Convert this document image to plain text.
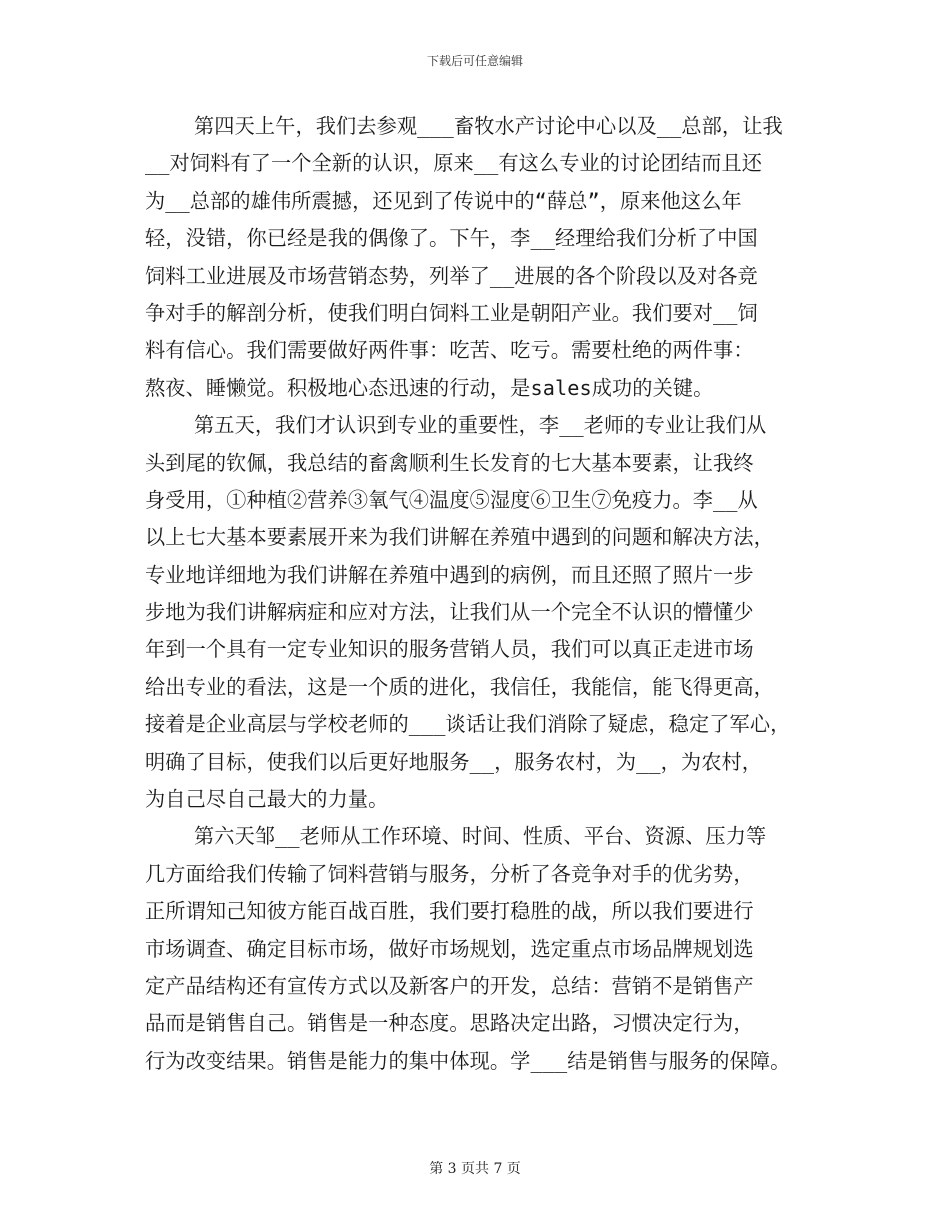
下载后可任意编辑
第四天上午，我们去参观___畜牧水产讨论中心以及__总部，让我
__对饲料有了一个全新的认识，原来__有这么专业的讨论团结而且还
为__总部的雄伟所震撼，还见到了传说中的“薛总”，原来他这么年
轻，没错，你已经是我的偶像了。下午，李__经理给我们分析了中国
饲料工业进展及市场营销态势，列举了__进展的各个阶段以及对各竞
争对手的解剖分析，使我们明白饲料工业是朝阳产业。我们要对__饲
料有信心。我们需要做好两件事：吃苦、吃亏。需要杜绝的两件事：
熬夜、睡懒觉。积极地心态迅速的行动，是sales成功的关键。
第五天，我们才认识到专业的重要性，李__老师的专业让我们从
头到尾的钦佩，我总结的畜禽顺利生长发育的七大基本要素，让我终
身受用，①种植②营养③氧气④温度⑤湿度⑥卫生⑦免疫力。李__从
以上七大基本要素展开来为我们讲解在养殖中遇到的问题和解决方法，
专业地详细地为我们讲解在养殖中遇到的病例，而且还照了照片一步
步地为我们讲解病症和应对方法，让我们从一个完全不认识的懵懂少
年到一个具有一定专业知识的服务营销人员，我们可以真正走进市场
给出专业的看法，这是一个质的进化，我信任，我能信，能飞得更高，
接着是企业高层与学校老师的___谈话让我们消除了疑虑，稳定了军心，
明确了目标，使我们以后更好地服务__，服务农村，为__，为农村，
为自己尽自己最大的力量。
第六天邹__老师从工作环境、时间、性质、平台、资源、压力等
几方面给我们传输了饲料营销与服务，分析了各竞争对手的优劣势，
正所谓知己知彼方能百战百胜，我们要打稳胜的战，所以我们要进行
市场调查、确定目标市场，做好市场规划，选定重点市场品牌规划选
定产品结构还有宣传方式以及新客户的开发，总结：营销不是销售产
品而是销售自己。销售是一种态度。思路决定出路，习惯决定行为，
行为改变结果。销售是能力的集中体现。学___结是销售与服务的保障。
第 3 页共 7 页
